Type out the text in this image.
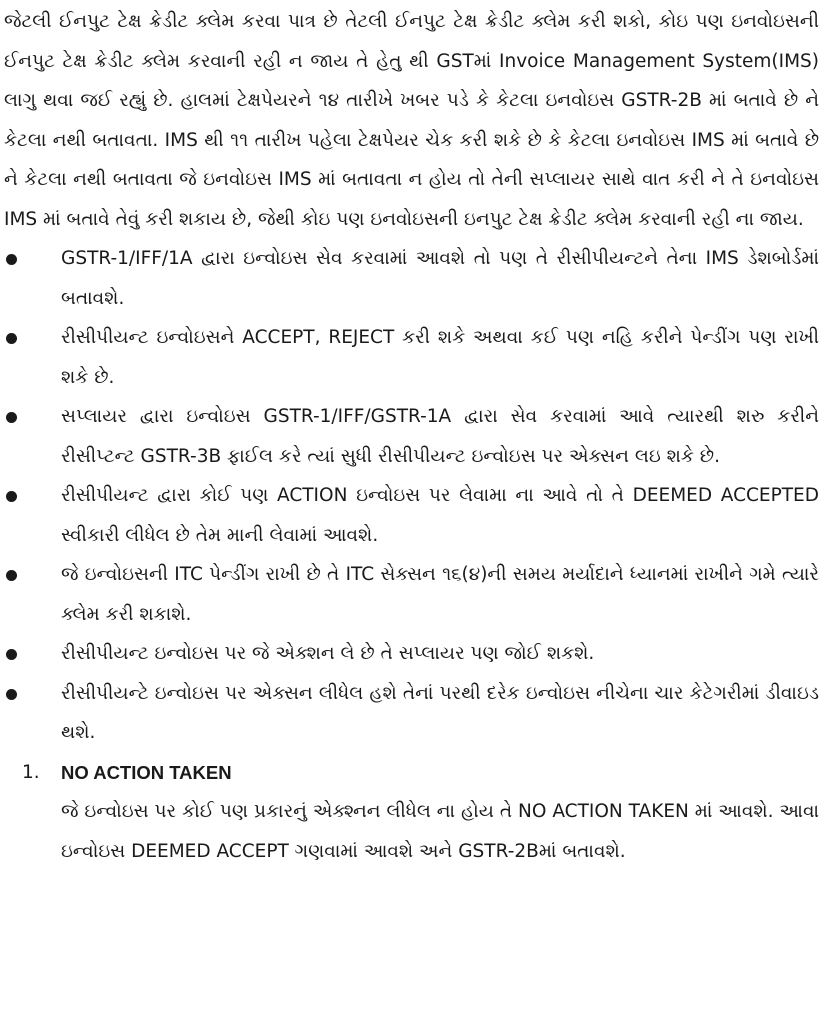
જેટલી ઈનપુટ ટેક્ષ ક્રેડીટ ક્લેમ કરવા પાત્ર છે તેટલી ઈનપુટ ટેક્ષ ક્રેડીટ ક્લેમ કરી શકો, કોઇ પણ ઇનવોઇસની ઈનપુટ ટેક્ષ ક્રેડીટ ક્લેમ કરવાની રહી ન જાય તે હેતુ થી GSTમાં Invoice Management System(IMS) લાગુ થવા જઈ રહ્યું છે. હાલમાં ટેક્ષપેયરને ૧૪ તારીખે ખબર પડે કે કેટલા ઇનવોઇસ GSTR-2B માં બતાવે છે ને કેટલા નથી બતાવતા. IMS થી ૧૧ તારીખ પહેલા ટેક્ષપેયર ચેક કરી શકે છે કે કેટલા ઇનવોઇસ IMS માં બતાવે છે ને કેટલા નથી બતાવતા જે ઇનવોઇસ IMS માં બતાવતા ન હોય તો તેની સપ્લાયર સાથે વાત કરી ને તે ઇનવોઇસ IMS માં બતાવે તેવું કરી શકાય છે, જેથી કોઇ પણ ઇનવોઇસની ઇનપુટ ટેક્ષ ક્રેડીટ ક્લેમ કરવાની રહી ના જાય.

GSTR-1/IFF/1A દ્વારા ઇન્વોઇસ સેવ કરવામાં આવશે તો પણ તે રીસીપીયન્ટને તેના IMS ડેશબોર્ડમાં બતાવશે.
રીસીપીયન્ટ ઇન્વોઇસને ACCEPT, REJECT કરી શકે અથવા કઈ પણ નહિ કરીને પેન્ડીંગ પણ રાખી શકે છે.
સપ્લાયર દ્વારા ઇન્વોઇસ GSTR-1/IFF/GSTR-1A દ્વારા સેવ કરવામાં આવે ત્યારથી શરુ કરીને રીસીપ્ટન્ટ GSTR-3B ફાઈલ કરે ત્યાં સુધી રીસીપીયન્ટ ઇન્વોઇસ પર એક્સન લઇ શકે છે.
રીસીપીયન્ટ દ્વારા કોઈ પણ ACTION ઇન્વોઇસ પર લેવામા ના આવે તો તે DEEMED ACCEPTED સ્વીકારી લીધેલ છે તેમ માની લેવામાં આવશે.
જે ઇન્વોઇસની ITC પેન્ડીંગ રાખી છે તે ITC સેક્સન ૧૬(૪)ની સમય મર્યાદાને ધ્યાનમાં રાખીને ગમે ત્યારે ક્લેમ કરી શકાશે.
રીસીપીયન્ટ ઇન્વોઇસ પર જે એક્શન લે છે તે સપ્લાયર પણ જોઈ શકશે.
રીસીપીયન્ટે ઇન્વોઇસ પર એક્સન લીધેલ હશે તેનાં પરથી દરેક ઇન્વોઇસ નીચેના ચાર કેટેગરીમાં ડીવાઇડ થશે.
1. NO ACTION TAKEN
જે ઇન્વોઇસ પર કોઈ પણ પ્રકારનું એક્શ્નન લીધેલ ના હોય તે NO ACTION TAKEN માં આવશે. આવા ઇન્વોઇસ DEEMED ACCEPT ગણવામાં આવશે અને GSTR-2Bમાં બતાવશે.
